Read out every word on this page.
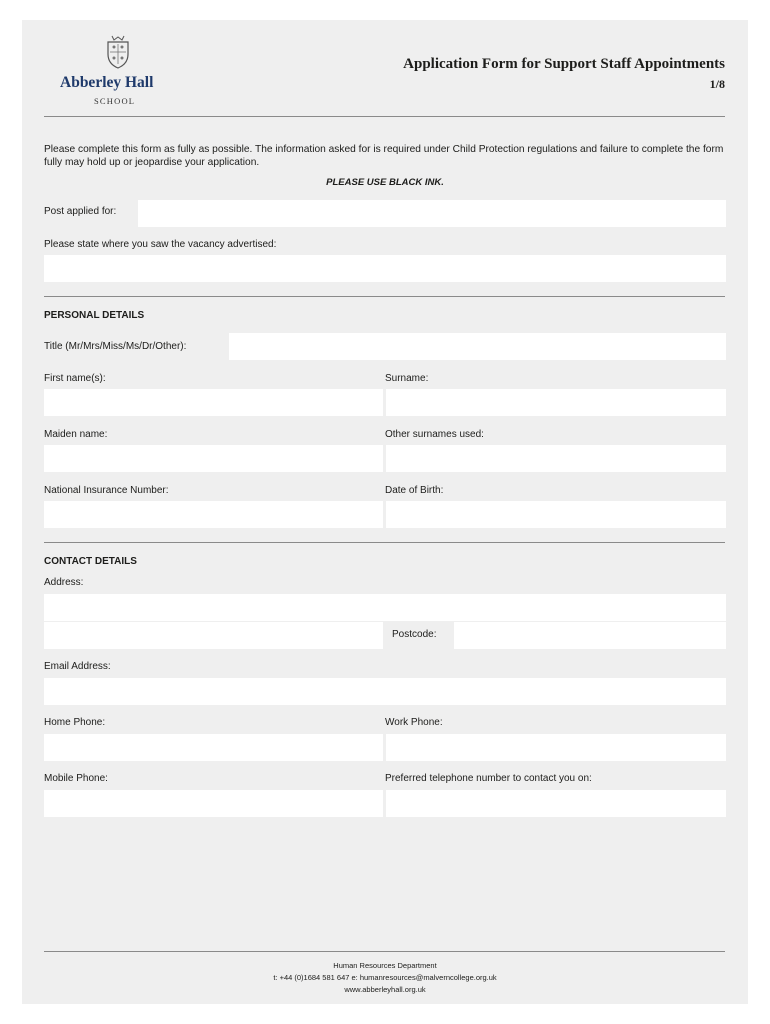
Abberley Hall
SCHOOL
Application Form for Support Staff Appointments
1/8
Please complete this form as fully as possible. The information asked for is required under Child Protection regulations and failure to complete the form fully may hold up or jeopardise your application.
PLEASE USE BLACK INK.
Post applied for:
Please state where you saw the vacancy advertised:
PERSONAL DETAILS
Title (Mr/Mrs/Miss/Ms/Dr/Other):
First name(s):	Surname:
Maiden name:	Other surnames used:
National Insurance Number:	Date of Birth:
CONTACT DETAILS
Address:
Postcode:
Email Address:
Home Phone:	Work Phone:
Mobile Phone:	Preferred telephone number to contact you on:
Human Resources Department
t: +44 (0)1684 581 647 e: humanresources@malverncollege.org.uk
www.abberleyhall.org.uk
